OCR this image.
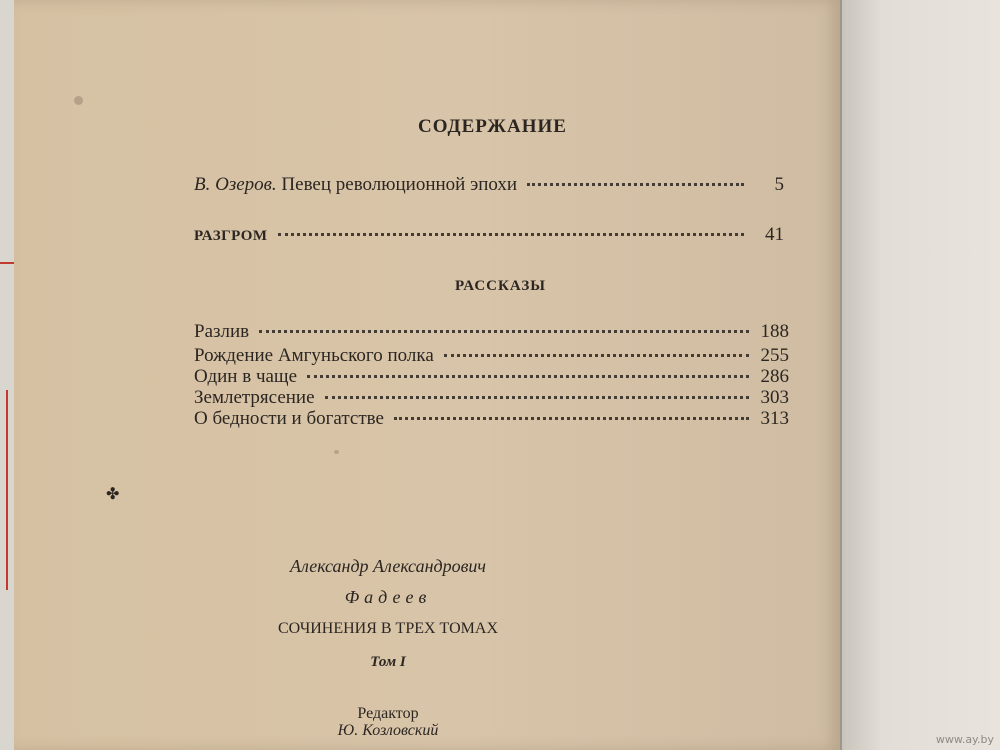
СОДЕРЖАНИЕ
В. Озеров. Певец революционной эпохи	5
РАЗГРОМ	41
РАССКАЗЫ
Разлив	188
Рождение Амгуньского полка	255
Один в чаще	286
Землетрясение	303
О бедности и богатстве	313
✤
Александр Александрович
Фадеев
СОЧИНЕНИЯ В ТРЕХ ТОМАХ
Том I
Редактор
Ю. Козловский
www.ay.by
